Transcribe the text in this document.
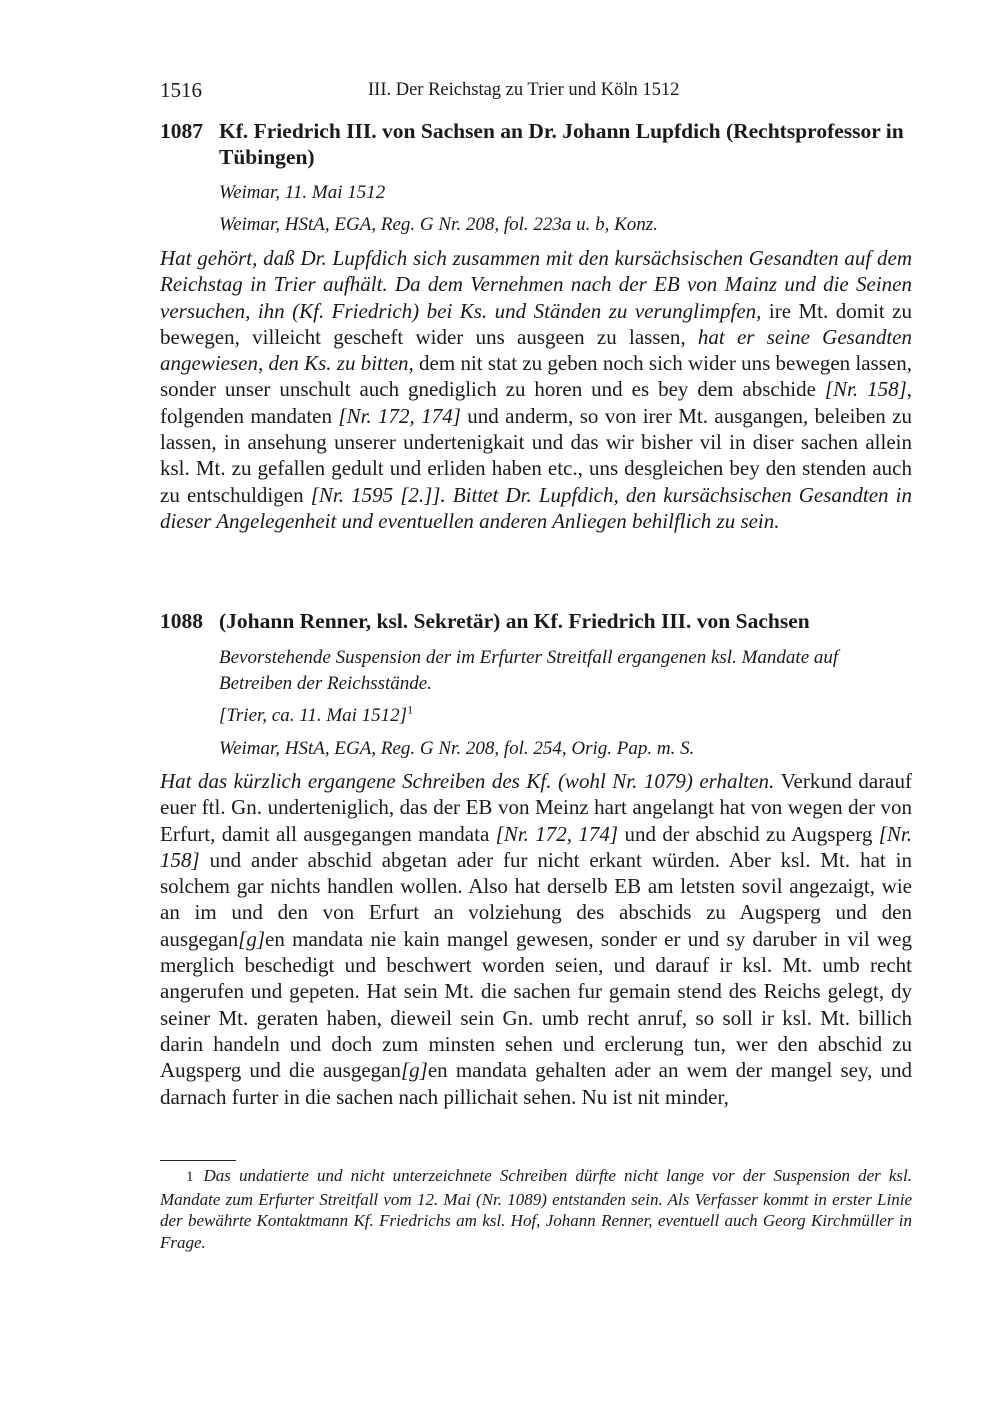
1516	III. Der Reichstag zu Trier und Köln 1512
1087 Kf. Friedrich III. von Sachsen an Dr. Johann Lupfdich (Rechtsprofessor in Tübingen)
Weimar, 11. Mai 1512
Weimar, HStA, EGA, Reg. G Nr. 208, fol. 223a u. b, Konz.
Hat gehört, daß Dr. Lupfdich sich zusammen mit den kursächsischen Gesandten auf dem Reichstag in Trier aufhält. Da dem Vernehmen nach der EB von Mainz und die Seinen versuchen, ihn (Kf. Friedrich) bei Ks. und Ständen zu verunglimpfen, ire Mt. domit zu bewegen, villeicht gescheft wider uns ausgeen zu lassen, hat er seine Gesandten angewiesen, den Ks. zu bitten, dem nit stat zu geben noch sich wider uns bewegen lassen, sonder unser unschult auch gnediglich zu horen und es bey dem abschide [Nr. 158], folgenden mandaten [Nr. 172, 174] und anderm, so von irer Mt. ausgangen, beleiben zu lassen, in ansehung unserer undertenigkait und das wir bisher vil in diser sachen allein ksl. Mt. zu gefallen gedult und erliden haben etc., uns desgleichen bey den stenden auch zu entschuldigen [Nr. 1595 [2.]]. Bittet Dr. Lupfdich, den kursächsischen Gesandten in dieser Angelegenheit und eventuellen anderen Anliegen behilflich zu sein.
1088 (Johann Renner, ksl. Sekretär) an Kf. Friedrich III. von Sachsen
Bevorstehende Suspension der im Erfurter Streitfall ergangenen ksl. Mandate auf Betreiben der Reichsstände.
[Trier, ca. 11. Mai 1512]$^1$
Weimar, HStA, EGA, Reg. G Nr. 208, fol. 254, Orig. Pap. m. S.
Hat das kürzlich ergangene Schreiben des Kf. (wohl Nr. 1079) erhalten. Verkund darauf euer ftl. Gn. underteniglich, das der EB von Meinz hart angelangt hat von wegen der von Erfurt, damit all ausgegangen mandata [Nr. 172, 174] und der abschid zu Augsperg [Nr. 158] und ander abschid abgetan ader fur nicht erkant würden. Aber ksl. Mt. hat in solchem gar nichts handlen wollen. Also hat derselb EB am letsten sovil angezaigt, wie an im und den von Erfurt an volziehung des abschids zu Augsperg und den ausgegan[g]en mandata nie kain mangel gewesen, sonder er und sy daruber in vil weg merglich beschedigt und beschwert worden seien, und darauf ir ksl. Mt. umb recht angerufen und gepeten. Hat sein Mt. die sachen fur gemain stend des Reichs gelegt, dy seiner Mt. geraten haben, dieweil sein Gn. umb recht anruf, so soll ir ksl. Mt. billich darin handeln und doch zum minsten sehen und erclerung tun, wer den abschid zu Augsperg und die ausgegan[g]en mandata gehalten ader an wem der mangel sey, und darnach furter in die sachen nach pillichait sehen. Nu ist nit minder,
1 Das undatierte und nicht unterzeichnete Schreiben dürfte nicht lange vor der Suspension der ksl. Mandate zum Erfurter Streitfall vom 12. Mai (Nr. 1089) entstanden sein. Als Verfasser kommt in erster Linie der bewährte Kontaktmann Kf. Friedrichs am ksl. Hof, Johann Renner, eventuell auch Georg Kirchmüller in Frage.
